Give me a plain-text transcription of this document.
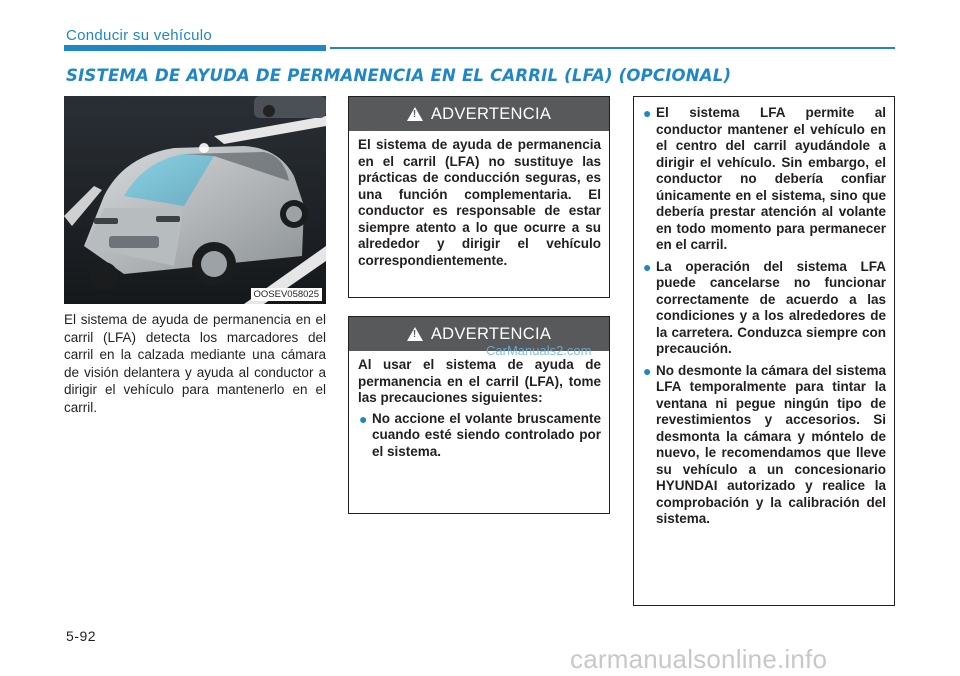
Conducir su vehículo
SISTEMA DE AYUDA DE PERMANENCIA EN EL CARRIL (LFA) (OPCIONAL)
OOSEV058025

El sistema de ayuda de permanencia en el carril (LFA) detecta los marcadores del carril en la calzada mediante una cámara de visión delantera y ayuda al conductor a dirigir el vehículo para mantenerlo en el carril.

!
ADVERTENCIA

El sistema de ayuda de permanencia en el carril (LFA) no sustituye las prácticas de conducción seguras, es una función complementaria. El conductor es responsable de estar siempre atento a lo que ocurre a su alrededor y dirigir el vehículo correspondientemente.

!
ADVERTENCIA

Al usar el sistema de ayuda de permanencia en el carril (LFA), tome las precauciones siguientes:

● No accione el volante bruscamente cuando esté siendo controlado por el sistema.
CarManuals2.com
● El sistema LFA permite al conductor mantener el vehículo en el centro del carril ayudándole a dirigir el vehículo. Sin embargo, el conductor no debería confiar únicamente en el sistema, sino que debería prestar atención al volante en todo momento para permanecer en el carril.
● La operación del sistema LFA puede cancelarse no funcionar correctamente de acuerdo a las condiciones y a los alrededores de la carretera. Conduzca siempre con precaución.
● No desmonte la cámara del sistema LFA temporalmente para tintar la ventana ni pegue ningún tipo de revestimientos y accesorios. Si desmonta la cámara y móntelo de nuevo, le recomendamos que lleve su vehículo a un concesionario HYUNDAI autorizado y realice la comprobación y la calibración del sistema.
5-92
carmanualsonline.info
